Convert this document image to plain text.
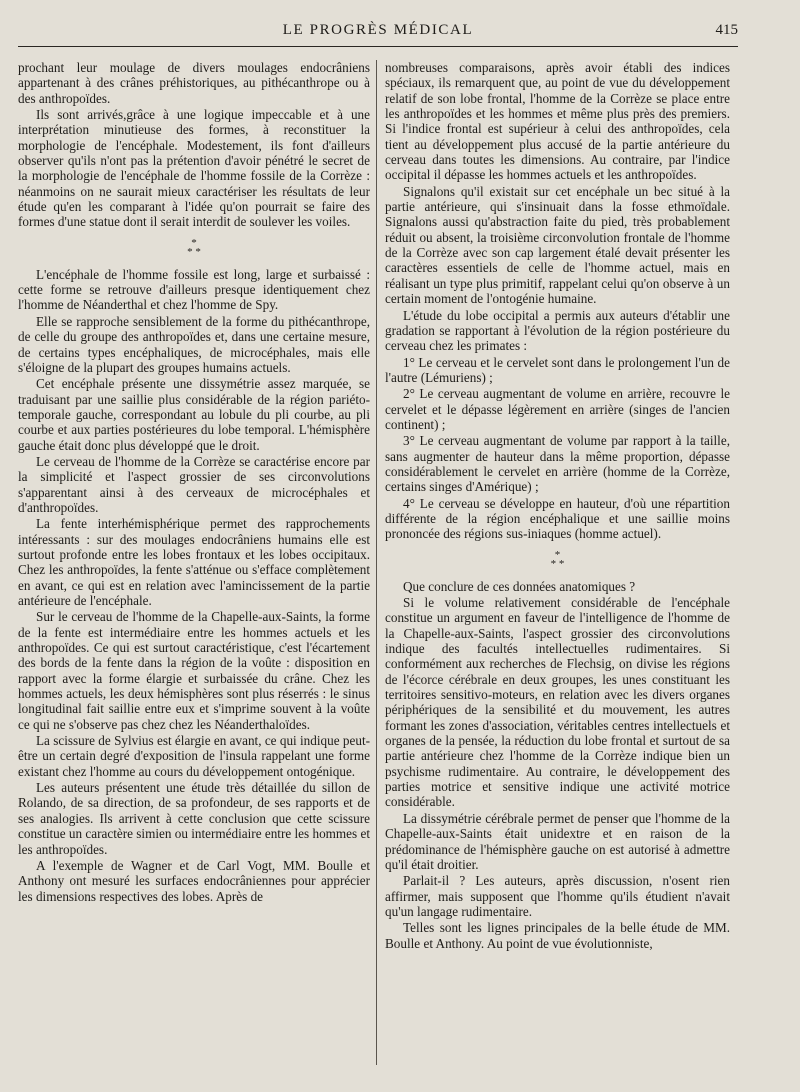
LE PROGRÈS MÉDICAL	415

prochant leur moulage de divers moulages endocrâniens appartenant à des crânes préhistoriques, au pithécanthrope ou à des anthropoïdes.

Ils sont arrivés,grâce à une logique impeccable et à une interprétation minutieuse des formes, à reconstituer la morphologie de l'encéphale. Modestement, ils font d'ailleurs observer qu'ils n'ont pas la prétention d'avoir pénétré le secret de la morphologie de l'encéphale de l'homme fossile de la Corrèze : néanmoins on ne saurait mieux caractériser les résultats de leur étude qu'en les comparant à l'idée qu'on pourrait se faire des formes d'une statue dont il serait interdit de soulever les voiles.

*
* *

L'encéphale de l'homme fossile est long, large et surbaissé : cette forme se retrouve d'ailleurs presque identiquement chez l'homme de Néanderthal et chez l'homme de Spy.

Elle se rapproche sensiblement de la forme du pithécanthrope, de celle du groupe des anthropoïdes et, dans une certaine mesure, de certains types encéphaliques, de microcéphales, mais elle s'éloigne de la plupart des groupes humains actuels.

Cet encéphale présente une dissymétrie assez marquée, se traduisant par une saillie plus considérable de la région pariéto-temporale gauche, correspondant au lobule du pli courbe, au pli courbe et aux parties postérieures du lobe temporal. L'hémisphère gauche était donc plus développé que le droit.

Le cerveau de l'homme de la Corrèze se caractérise encore par la simplicité et l'aspect grossier de ses circonvolutions s'apparentant ainsi à des cerveaux de microcéphales et d'anthropoïdes.

La fente interhémisphérique permet des rapprochements intéressants : sur des moulages endocrâniens humains elle est surtout profonde entre les lobes frontaux et les lobes occipitaux. Chez les anthropoïdes, la fente s'atténue ou s'efface complètement en avant, ce qui est en relation avec l'amincissement de la partie antérieure de l'encéphale.

Sur le cerveau de l'homme de la Chapelle-aux-Saints, la forme de la fente est intermédiaire entre les hommes actuels et les anthropoïdes. Ce qui est surtout caractéristique, c'est l'écartement des bords de la fente dans la région de la voûte : disposition en rapport avec la forme élargie et surbaissée du crâne. Chez les hommes actuels, les deux hémisphères sont plus réserrés : le sinus longitudinal fait saillie entre eux et s'imprime souvent à la voûte ce qui ne s'observe pas chez chez les Néanderthaloïdes.

La scissure de Sylvius est élargie en avant, ce qui indique peut-être un certain degré d'exposition de l'insula rappelant une forme existant chez l'homme au cours du développement ontogénique.

Les auteurs présentent une étude très détaillée du sillon de Rolando, de sa direction, de sa profondeur, de ses rapports et de ses analogies. Ils arrivent à cette conclusion que cette scissure constitue un caractère simien ou intermédiaire entre les hommes et les anthropoïdes.

A l'exemple de Wagner et de Carl Vogt, MM. Boulle et Anthony ont mesuré les surfaces endocrâniennes pour apprécier les dimensions respectives des lobes. Après de

nombreuses comparaisons, après avoir établi des indices spéciaux, ils remarquent que, au point de vue du développement relatif de son lobe frontal, l'homme de la Corrèze se place entre les anthropoïdes et les hommes et même plus près des premiers. Si l'indice frontal est supérieur à celui des anthropoïdes, cela tient au développement plus accusé de la partie antérieure du cerveau dans toutes les dimensions. Au contraire, par l'indice occipital il dépasse les hommes actuels et les anthropoïdes.

Signalons qu'il existait sur cet encéphale un bec situé à la partie antérieure, qui s'insinuait dans la fosse ethmoïdale. Signalons aussi qu'abstraction faite du pied, très probablement réduit ou absent, la troisième circonvolution frontale de l'homme de la Corrèze avec son cap largement étalé devait présenter les caractères essentiels de celle de l'homme actuel, mais en réalisant un type plus primitif, rappelant celui qu'on observe à un certain moment de l'ontogénie humaine.

L'étude du lobe occipital a permis aux auteurs d'établir une gradation se rapportant à l'évolution de la région postérieure du cerveau chez les primates :

1° Le cerveau et le cervelet sont dans le prolongement l'un de l'autre (Lémuriens) ;

2° Le cerveau augmentant de volume en arrière, recouvre le cervelet et le dépasse légèrement en arrière (singes de l'ancien continent) ;

3° Le cerveau augmentant de volume par rapport à la taille, sans augmenter de hauteur dans la même proportion, dépasse considérablement le cervelet en arrière (homme de la Corrèze, certains singes d'Amérique) ;

4° Le cerveau se développe en hauteur, d'où une répartition différente de la région encéphalique et une saillie moins prononcée des régions sus-iniaques (homme actuel).

*
* *

Que conclure de ces données anatomiques ?

Si le volume relativement considérable de l'encéphale constitue un argument en faveur de l'intelligence de l'homme de la Chapelle-aux-Saints, l'aspect grossier des circonvolutions indique des facultés intellectuelles rudimentaires. Si conformément aux recherches de Flechsig, on divise les régions de l'écorce cérébrale en deux groupes, les unes constituant les territoires sensitivo-moteurs, en relation avec les divers organes périphériques de la sensibilité et du mouvement, les autres formant les zones d'association, véritables centres intellectuels et organes de la pensée, la réduction du lobe frontal et surtout de sa partie antérieure chez l'homme de la Corrèze indique bien un psychisme rudimentaire. Au contraire, le développement des parties motrice et sensitive indique une activité motrice considérable.

La dissymétrie cérébrale permet de penser que l'homme de la Chapelle-aux-Saints était unidextre et en raison de la prédominance de l'hémisphère gauche on est autorisé à admettre qu'il était droitier.

Parlait-il ? Les auteurs, après discussion, n'osent rien affirmer, mais supposent que l'homme qu'ils étudient n'avait qu'un langage rudimentaire.

Telles sont les lignes principales de la belle étude de MM. Boulle et Anthony. Au point de vue évolutionniste,
